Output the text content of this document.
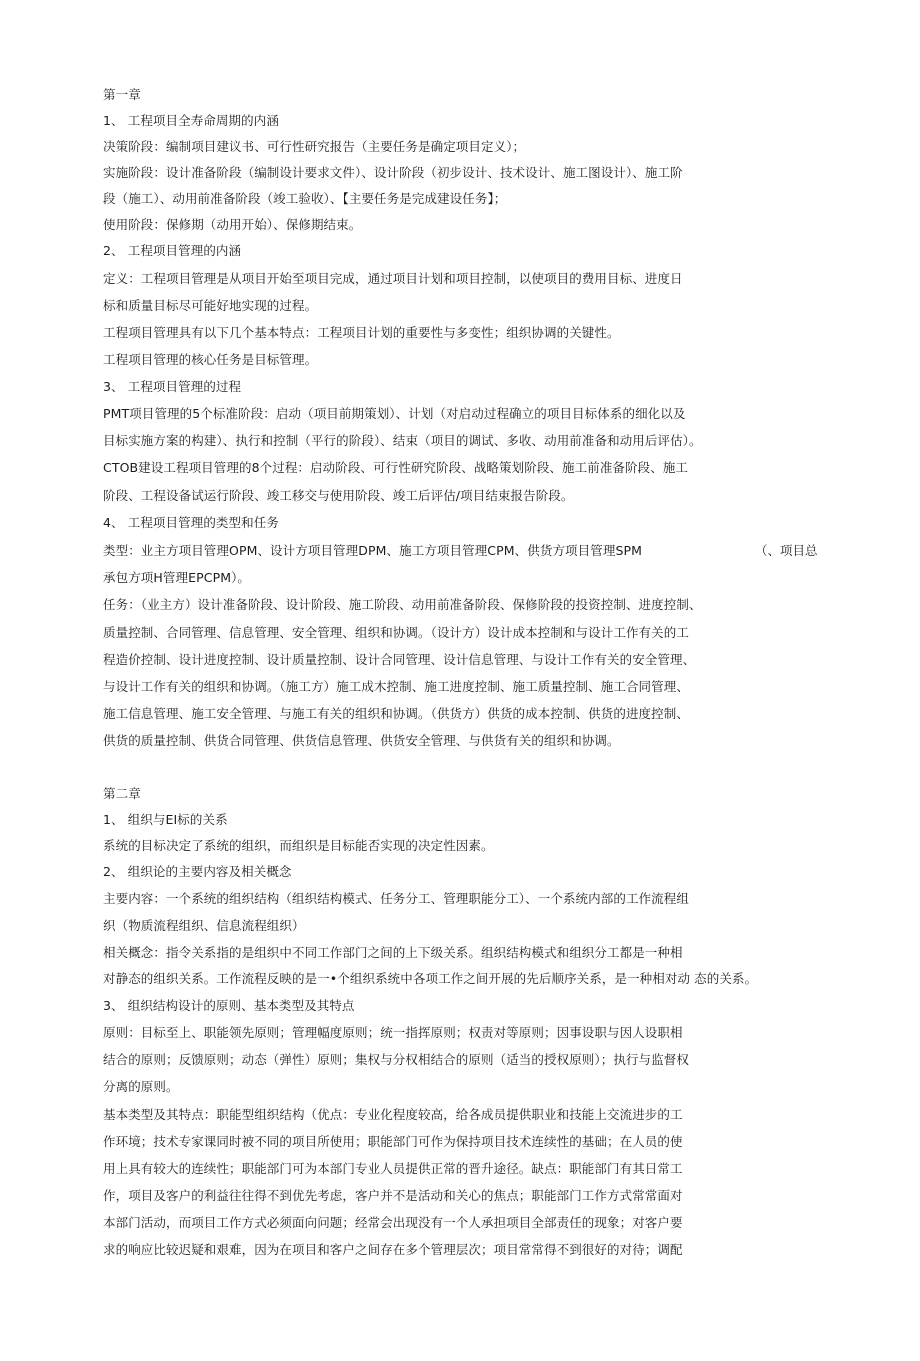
第一章
1、 工程项目全寿命周期的内涵
决策阶段：编制项目建议书、可行性研究报告（主要任务是确定项目定义）；
实施阶段：设计准备阶段（编制设计要求文件）、设计阶段（初步设计、技术设计、施工图设计）、施工阶
段（施工）、动用前准备阶段（竣工验收）、【主要任务是完成建设任务】；
使用阶段：保修期（动用开始）、保修期结束。
2、 工程项目管理的内涵
定义：工程项目管理是从项目开始至项目完成，通过项目计划和项目控制，以使项目的费用目标、进度日
标和质量目标尽可能好地实现的过程。
工程项目管理具有以下几个基本特点：工程项目计划的重要性与多变性；组织协调的关键性。
工程项目管理的核心任务是目标管理。
3、 工程项目管理的过程
PMT项目管理的5个标准阶段：启动（项目前期策划）、计划（对启动过程确立的项目目标体系的细化以及
目标实施方案的构建）、执行和控制（平行的阶段）、结束（项目的调试、多收、动用前准备和动用后评估）。
CTOB建设工程项目管理的8个过程：启动阶段、可行性研究阶段、战略策划阶段、施工前准备阶段、施工
阶段、工程设备试运行阶段、竣工移交与使用阶段、竣工后评估/项目结束报告阶段。
4、 工程项目管理的类型和任务
类型：业主方项目管理OPM、设计方项目管理DPM、施工方项目管理CPM、供货方项目管理SPM	（、项目总
承包方项H管理EPCPM）。
任务：（业主方）设计准备阶段、设计阶段、施工阶段、动用前准备阶段、保修阶段的投资控制、进度控制、
质量控制、合同管理、信息管理、安全管理、组织和协调。（设计方）设计成本控制和与设计工作有关的工
程造价控制、设计进度控制、设计质量控制、设计合同管理、设计信息管理、与设计工作有关的安全管理、
与设计工作有关的组织和协调。（施工方）施工成木控制、施工进度控制、施工质量控制、施工合同管理、
施工信息管理、施工安全管理、与施工有关的组织和协调。（供货方）供货的成本控制、供货的进度控制、
供货的质量控制、供货合同管理、供货信息管理、供货安全管理、与供货有关的组织和协调。
第二章
1、 组织与EI标的关系
系统的目标决定了系统的组织，而组织是目标能否实现的决定性因素。
2、 组织论的主要内容及相关概念
主要内容：一个系统的组织结构（组织结构模式、任务分工、管理职能分工）、一个系统内部的工作流程组
织（物质流程组织、信息流程组织）
相关概念：指令关系指的是组织中不同工作部门之间的上下级关系。组织结构模式和组织分工都是一种相
对静态的组织关系。工作流程反映的是一•个组织系统中各项工作之间开展的先后顺序关系，是一种相对动 态的关系。
3、 组织结构设计的原则、基本类型及其特点
原则：目标至上、职能领先原则；管理幅度原则；统一指挥原则；权责对等原则；因事设职与因人设职相
结合的原则；反馈原则；动态（弹性）原则；集权与分权相结合的原则（适当的授权原则）；执行与监督权
分离的原则。
基本类型及其特点：职能型组织结构（优点：专业化程度较高，给各成员提供职业和技能上交流进步的工
作环境；技术专家课同时被不同的项目所使用；职能部门可作为保持项目技术连续性的基础；在人员的使
用上具有较大的连续性；职能部门可为本部门专业人员提供正常的晋升途径。缺点：职能部门有其日常工
作，项目及客户的利益往往得不到优先考虑，客户并不是活动和关心的焦点；职能部门工作方式常常面对
本部门活动，而项目工作方式必须面向问题；经常会出现没有一个人承担项目全部责任的现象；对客户要
求的响应比较迟疑和艰难，因为在项目和客户之间存在多个管理层次；项目常常得不到很好的对待；调配
